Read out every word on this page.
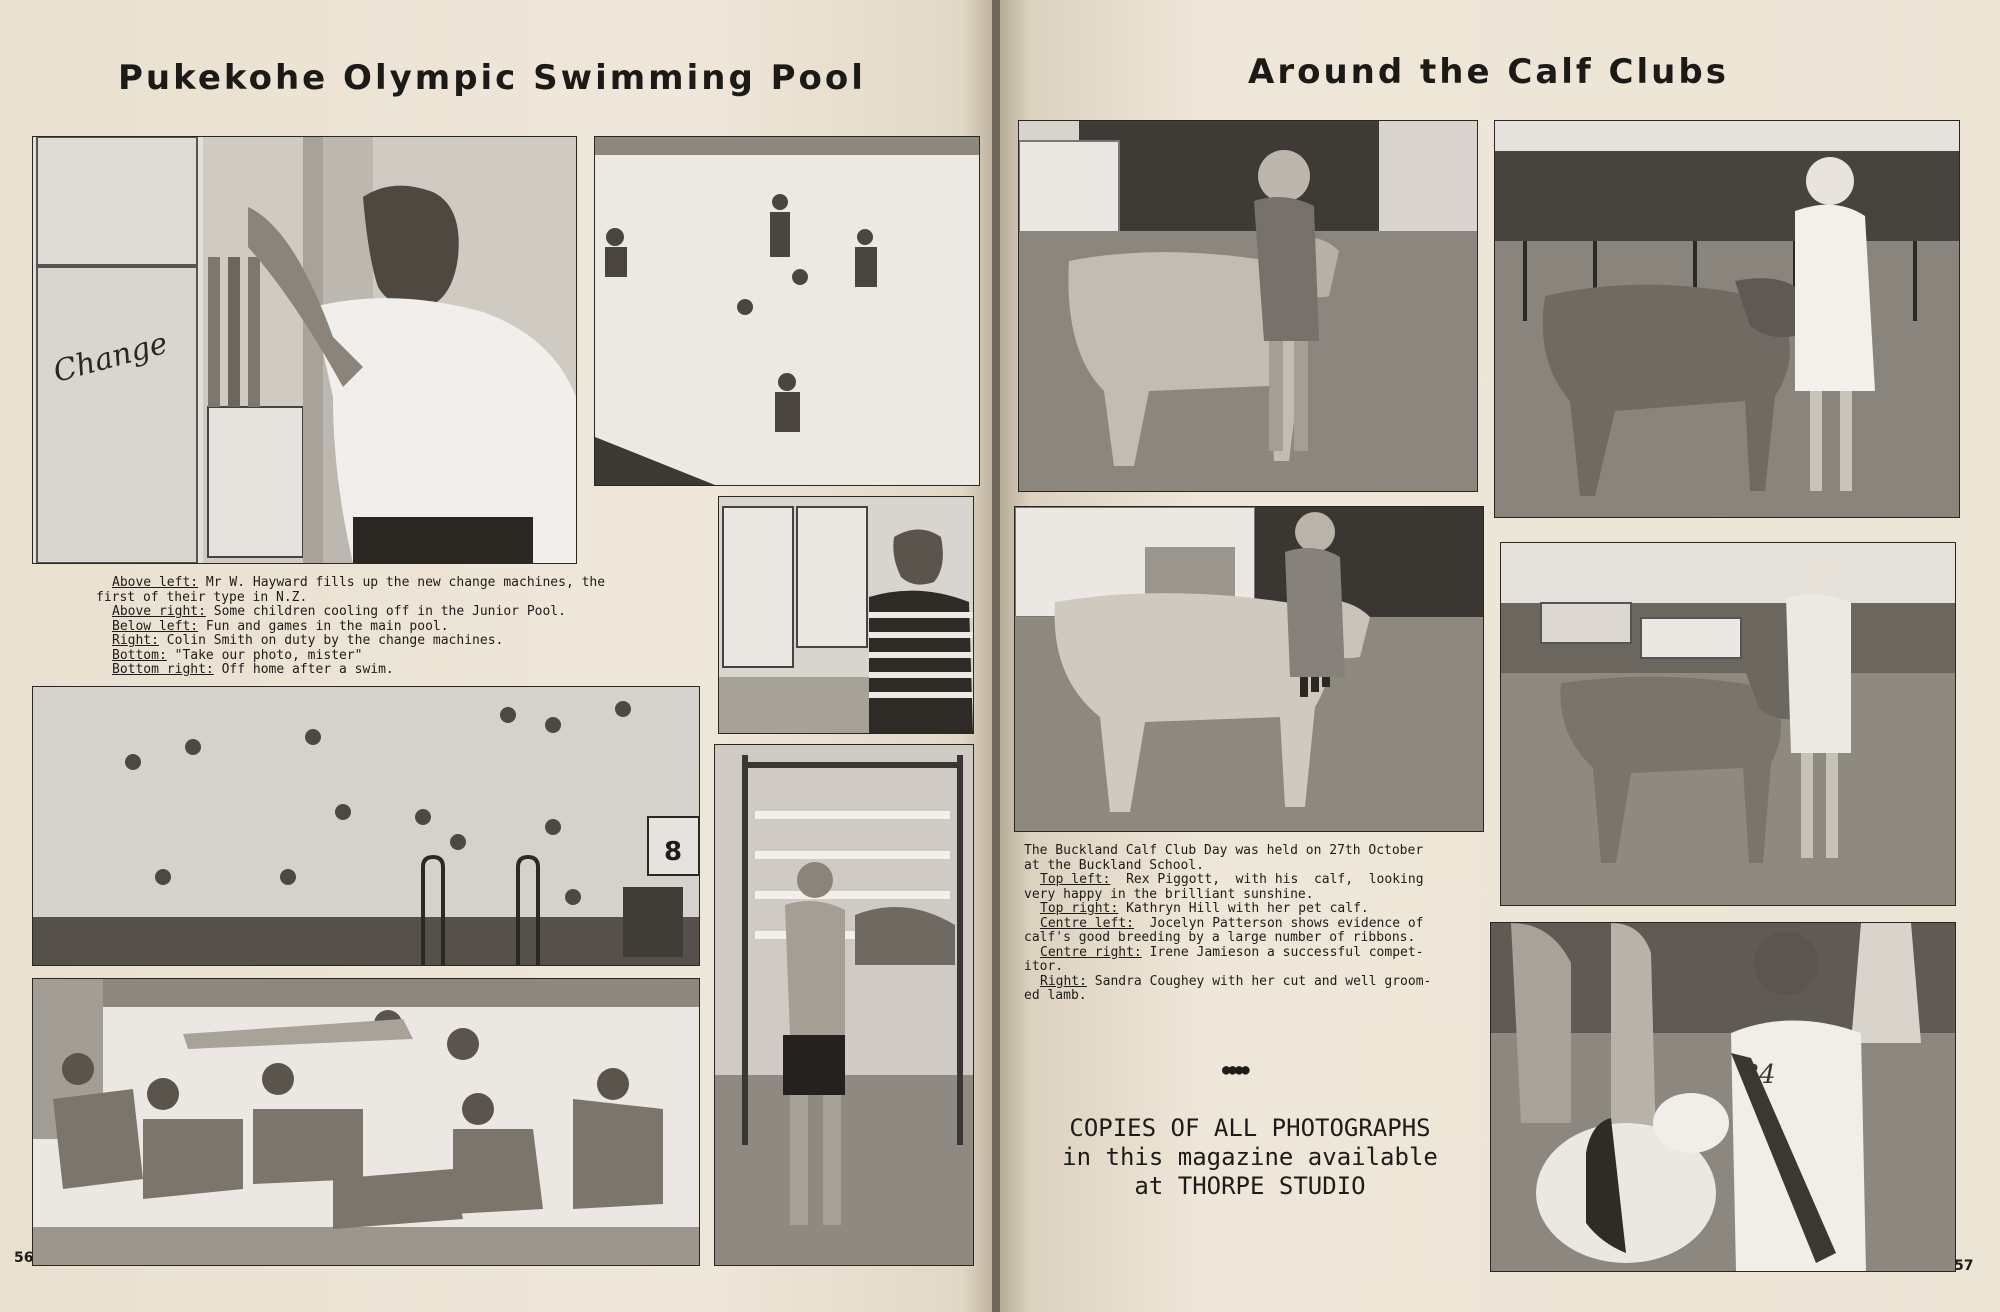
Pukekohe Olympic Swimming Pool
Change

Above left: Mr W. Hayward fills up the new change machines, the

first of their type in N.Z.

Above right: Some children cooling off in the Junior Pool.

Below left: Fun and games in the main pool.

Right: Colin Smith on duty by the change machines.

Bottom: "Take our photo, mister"

Bottom right: Off home after a swim.

8
56
Around the Calf Clubs

The Buckland Calf Club Day was held on 27th October

at the Buckland School.

Top left:  Rex Piggott,  with his  calf,  looking

very happy in the brilliant sunshine.

Top right: Kathryn Hill with her pet calf.

Centre left:  Jocelyn Patterson shows evidence of

calf's good breeding by a large number of ribbons.

Centre right: Irene Jamieson a successful compet-

itor.

Right: Sandra Coughey with her cut and well groom-

ed lamb.

●●●●
COPIES OF ALL PHOTOGRAPHS
in this magazine available
at THORPE STUDIO
34
57
